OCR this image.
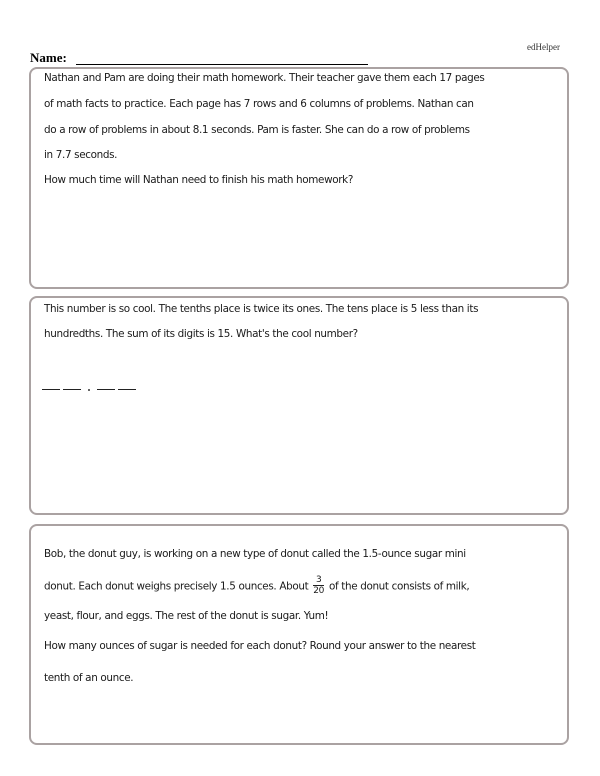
edHelper
Name:
Nathan and Pam are doing their math homework. Their teacher gave them each 17 pages
of math facts to practice. Each page has 7 rows and 6 columns of problems. Nathan can
do a row of problems in about 8.1 seconds. Pam is faster. She can do a row of problems
in 7.7 seconds.
How much time will Nathan need to finish his math homework?
This number is so cool. The tenths place is twice its ones. The tens place is 5 less than its
hundredths. The sum of its digits is 15. What's the cool number?
Bob, the donut guy, is working on a new type of donut called the 1.5-ounce sugar mini
donut. Each donut weighs precisely 1.5 ounces. About $\frac{3}{20}$ of the donut consists of milk,
yeast, flour, and eggs. The rest of the donut is sugar. Yum!
How many ounces of sugar is needed for each donut? Round your answer to the nearest
tenth of an ounce.
